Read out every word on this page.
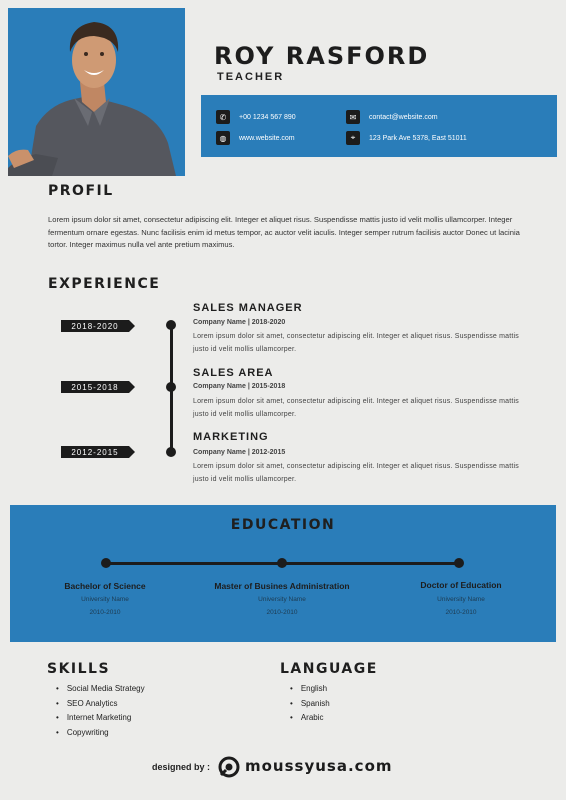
ROY RASFORD
TEACHER
✆	+00 1234 567 890	✉	contact@website.com
◍	www.website.com	⌖	123 Park Ave 5378, East 51011
PROFIL
Lorem ipsum dolor sit amet, consectetur adipiscing elit. Integer et aliquet risus. Suspendisse mattis justo id velit mollis ullamcorper. Integer fermentum ornare egestas. Nunc facilisis enim id metus tempor, ac auctor velit iaculis. Integer semper rutrum facilisis auctor Donec ut lacinia tortor. Integer maximus nulla vel ante pretium maximus.
EXPERIENCE
2018-2020
SALES MANAGER
Company Name | 2018-2020
Lorem ipsum dolor sit amet, consectetur adipiscing elit. Integer et aliquet risus. Suspendisse mattis justo id velit mollis ullamcorper.
2015-2018
SALES AREA
Company Name | 2015-2018
Lorem ipsum dolor sit amet, consectetur adipiscing elit. Integer et aliquet risus. Suspendisse mattis justo id velit mollis ullamcorper.
2012-2015
MARKETING
Company Name | 2012-2015
Lorem ipsum dolor sit amet, consectetur adipiscing elit. Integer et aliquet risus. Suspendisse mattis justo id velit mollis ullamcorper.
EDUCATION
Bachelor of Science
University Name
2010-2010
Master of Busines Administration
University Name
2010-2010
Doctor of Education
University Name
2010-2010
SKILLS
• Social Media Strategy
• SEO Analytics
• Internet Marketing
• Copywriting
LANGUAGE
• English
• Spanish
• Arabic
designed by : moussyusa.com
